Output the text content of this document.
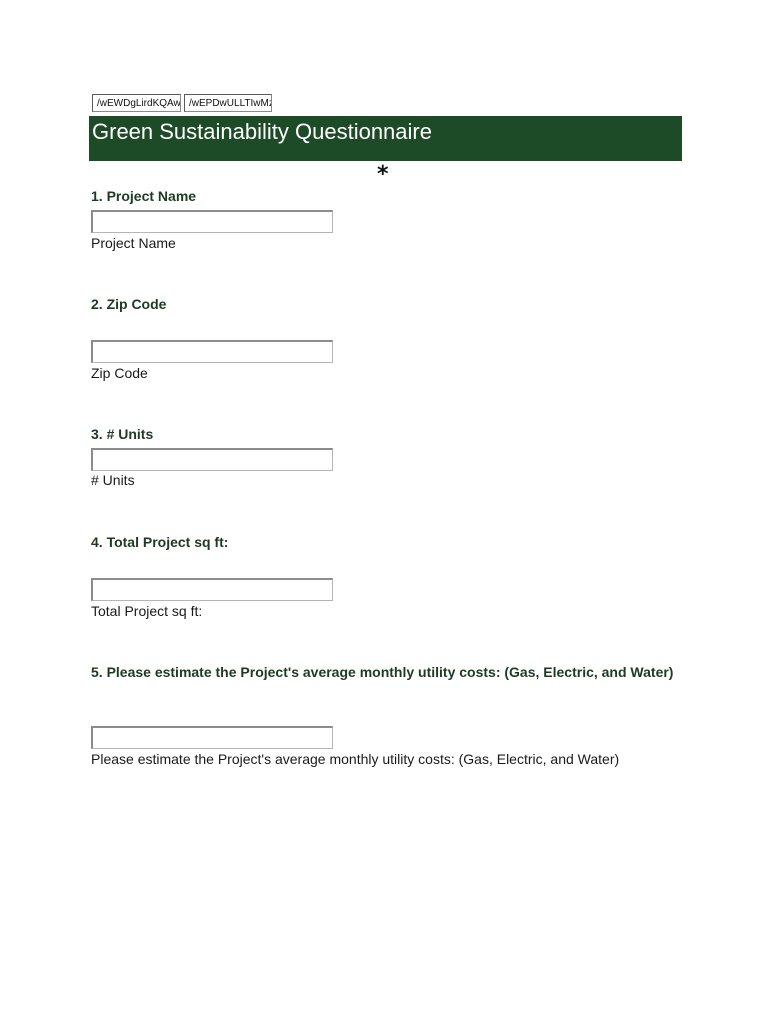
/wEWDgLirdKQAw
/wEPDwULLTIwMz
Green Sustainability Questionnaire
*
1. Project Name
Project Name
2. Zip Code
Zip Code
3. # Units
# Units
4. Total Project sq ft:
Total Project sq ft:
5. Please estimate the Project's average monthly utility costs: (Gas, Electric, and Water)
Please estimate the Project's average monthly utility costs: (Gas, Electric, and Water)
